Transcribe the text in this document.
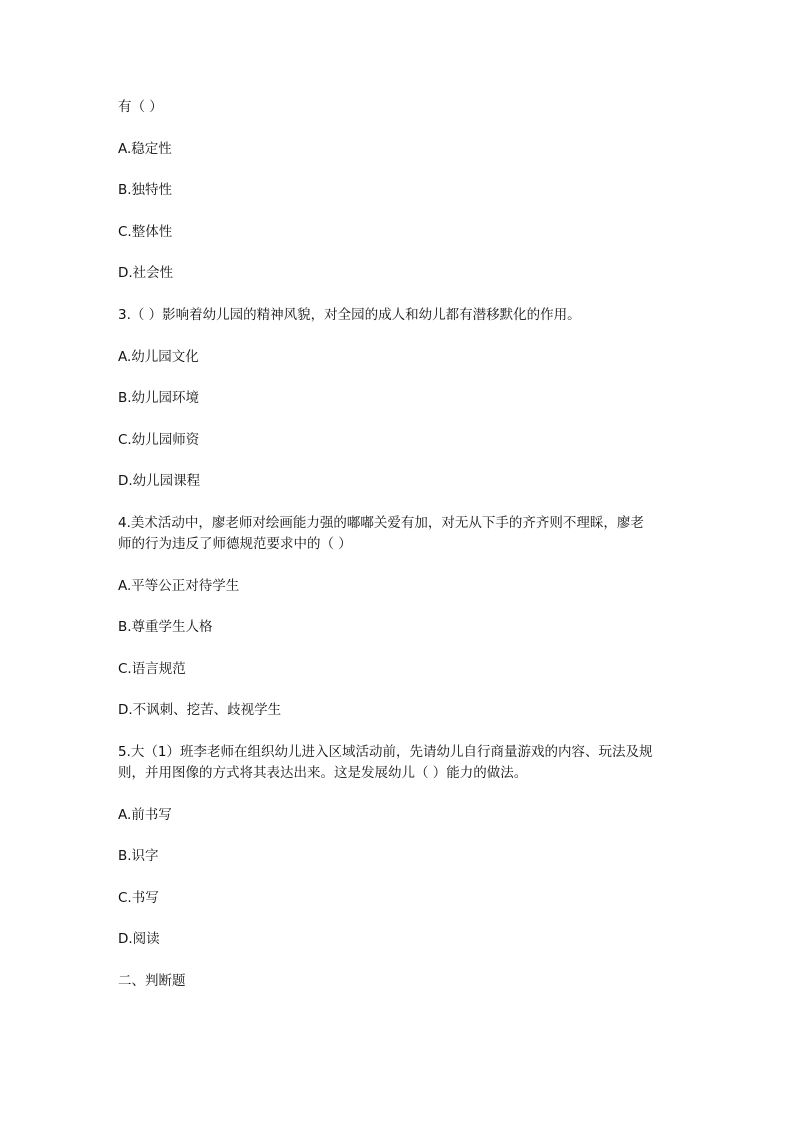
有（ ）
A.稳定性
B.独特性
C.整体性
D.社会性
3.（ ）影响着幼儿园的精神风貌，对全园的成人和幼儿都有潜移默化的作用。
A.幼儿园文化
B.幼儿园环境
C.幼儿园师资
D.幼儿园课程
4.美术活动中，廖老师对绘画能力强的嘟嘟关爱有加，对无从下手的齐齐则不理睬，廖老
师的行为违反了师德规范要求中的（ ）
A.平等公正对待学生
B.尊重学生人格
C.语言规范
D.不讽刺、挖苦、歧视学生
5.大（1）班李老师在组织幼儿进入区域活动前，先请幼儿自行商量游戏的内容、玩法及规
则，并用图像的方式将其表达出来。这是发展幼儿（ ）能力的做法。
A.前书写
B.识字
C.书写
D.阅读
二、判断题
